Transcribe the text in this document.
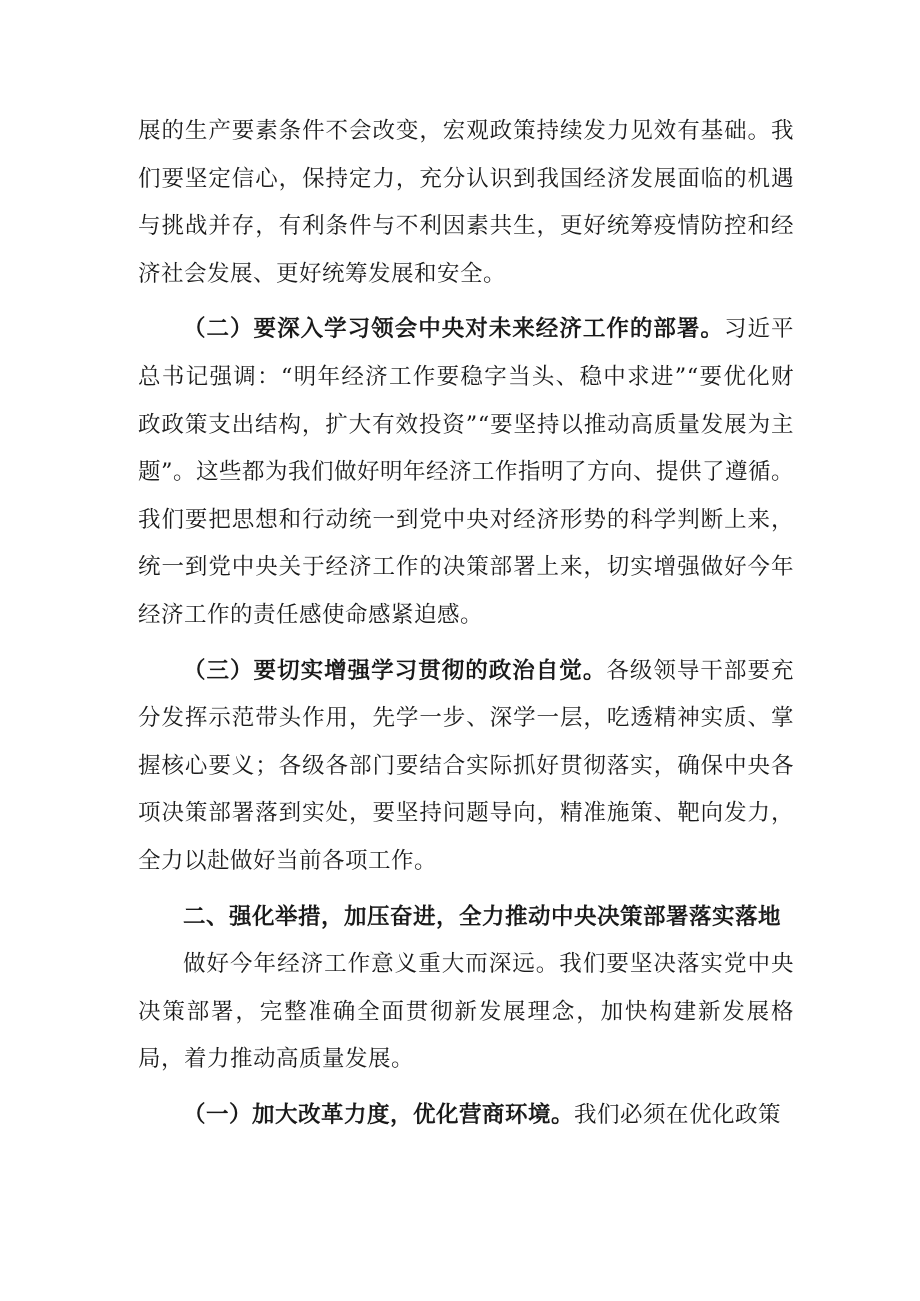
展的生产要素条件不会改变，宏观政策持续发力见效有基础。我们要坚定信心，保持定力，充分认识到我国经济发展面临的机遇与挑战并存，有利条件与不利因素共生，更好统筹疫情防控和经济社会发展、更好统筹发展和安全。

（二）要深入学习领会中央对未来经济工作的部署。习近平总书记强调：“明年经济工作要稳字当头、稳中求进”“要优化财政政策支出结构，扩大有效投资”“要坚持以推动高质量发展为主题”。这些都为我们做好明年经济工作指明了方向、提供了遵循。我们要把思想和行动统一到党中央对经济形势的科学判断上来，统一到党中央关于经济工作的决策部署上来，切实增强做好今年经济工作的责任感使命感紧迫感。

（三）要切实增强学习贯彻的政治自觉。各级领导干部要充分发挥示范带头作用，先学一步、深学一层，吃透精神实质、掌握核心要义；各级各部门要结合实际抓好贯彻落实，确保中央各项决策部署落到实处，要坚持问题导向，精准施策、靶向发力，全力以赴做好当前各项工作。

二、强化举措，加压奋进，全力推动中央决策部署落实落地

做好今年经济工作意义重大而深远。我们要坚决落实党中央决策部署，完整准确全面贯彻新发展理念，加快构建新发展格局，着力推动高质量发展。

（一）加大改革力度，优化营商环境。我们必须在优化政策
